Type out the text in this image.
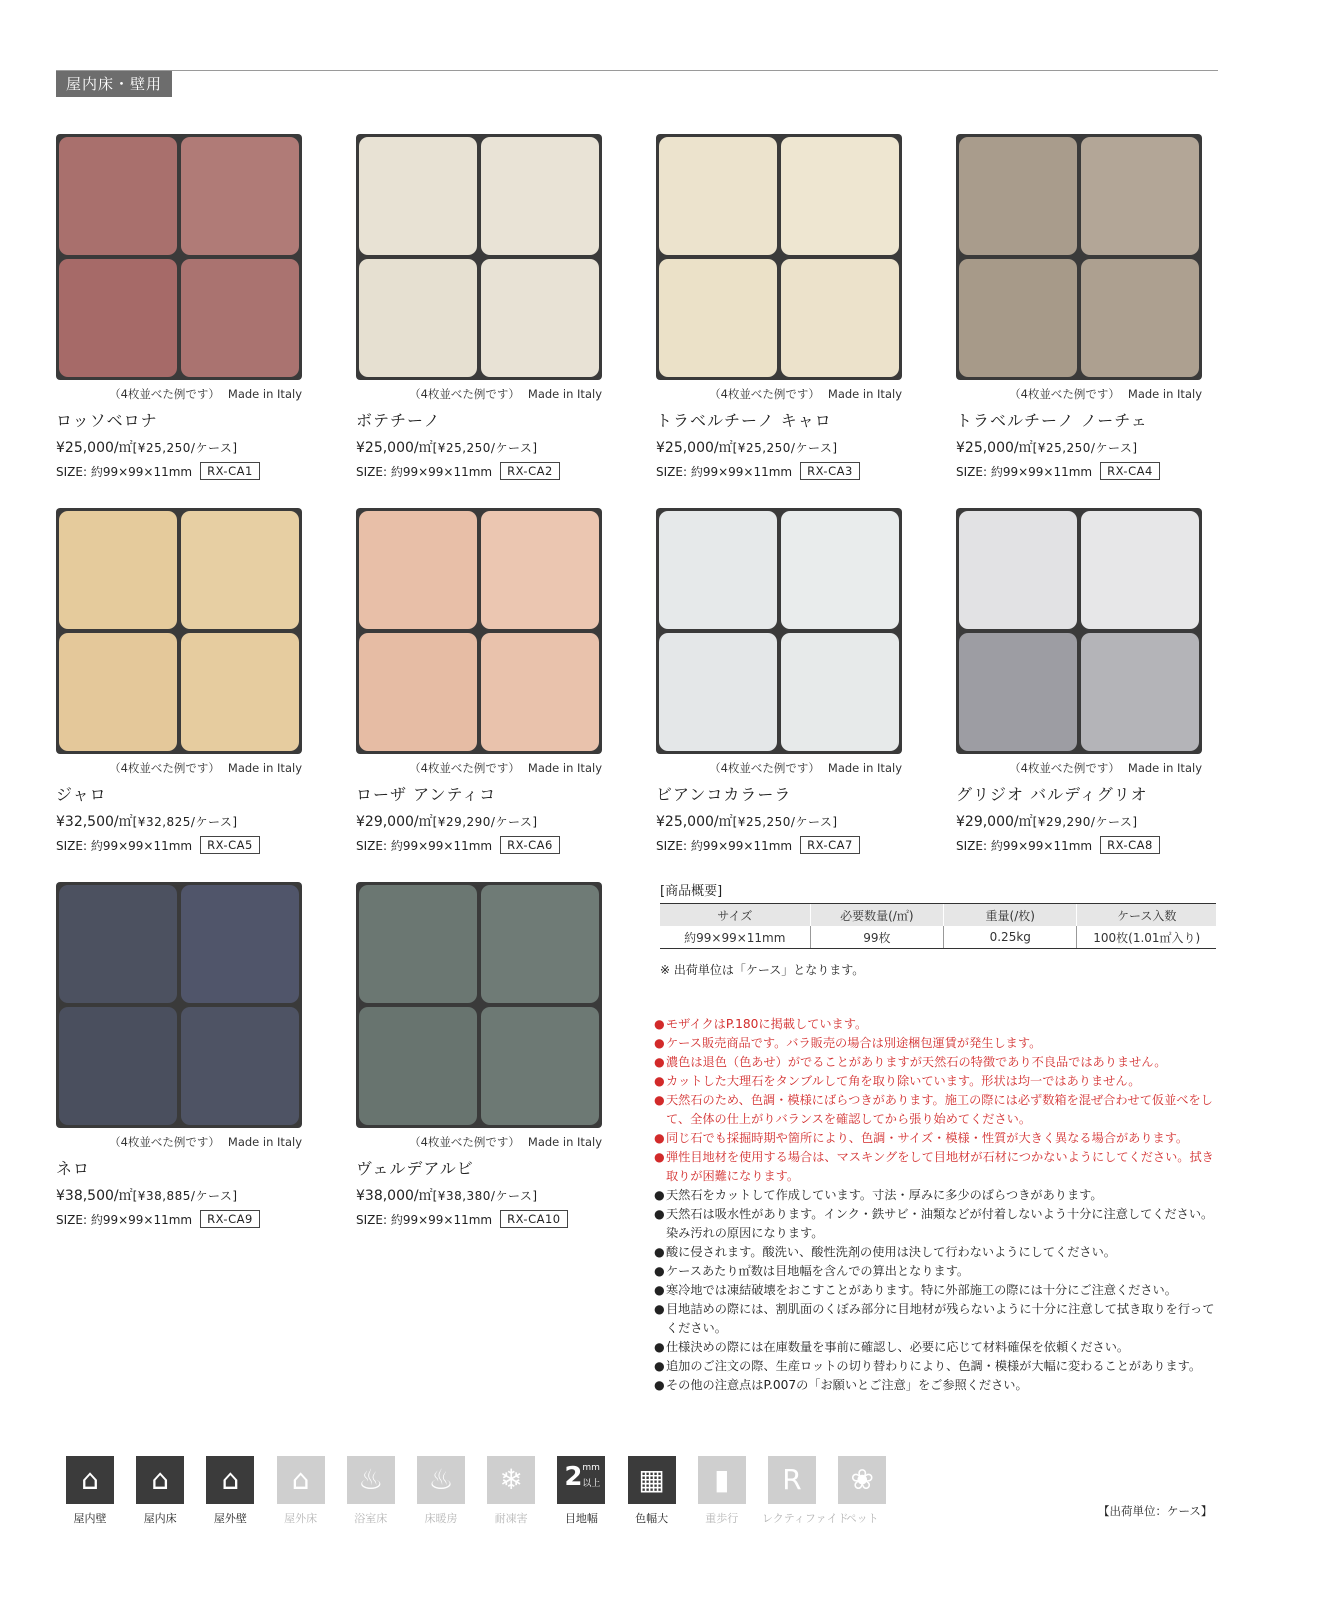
屋内床・壁用
（4枚並べた例です） Made in Italy
ロッソベロナ
¥25,000/㎡[¥25,250/ケース]
SIZE: 約99×99×11mm	RX-CA1
（4枚並べた例です） Made in Italy
ボテチーノ
¥25,000/㎡[¥25,250/ケース]
SIZE: 約99×99×11mm	RX-CA2
（4枚並べた例です） Made in Italy
トラベルチーノ キャロ
¥25,000/㎡[¥25,250/ケース]
SIZE: 約99×99×11mm	RX-CA3
（4枚並べた例です） Made in Italy
トラベルチーノ ノーチェ
¥25,000/㎡[¥25,250/ケース]
SIZE: 約99×99×11mm	RX-CA4
（4枚並べた例です） Made in Italy
ジャロ
¥32,500/㎡[¥32,825/ケース]
SIZE: 約99×99×11mm	RX-CA5
（4枚並べた例です） Made in Italy
ローザ アンティコ
¥29,000/㎡[¥29,290/ケース]
SIZE: 約99×99×11mm	RX-CA6
（4枚並べた例です） Made in Italy
ビアンコカラーラ
¥25,000/㎡[¥25,250/ケース]
SIZE: 約99×99×11mm	RX-CA7
（4枚並べた例です） Made in Italy
グリジオ バルディグリオ
¥29,000/㎡[¥29,290/ケース]
SIZE: 約99×99×11mm	RX-CA8
（4枚並べた例です） Made in Italy
ネロ
¥38,500/㎡[¥38,885/ケース]
SIZE: 約99×99×11mm	RX-CA9
（4枚並べた例です） Made in Italy
ヴェルデアルビ
¥38,000/㎡[¥38,380/ケース]
SIZE: 約99×99×11mm	RX-CA10
[商品概要]
サイズ	必要数量(/㎡)	重量(/枚)	ケース入数
約99×99×11mm	99枚	0.25kg	100枚(1.01㎡入り)
※ 出荷単位は「ケース」となります。
● モザイクはP.180に掲載しています。
● ケース販売商品です。バラ販売の場合は別途梱包運賃が発生します。
● 濃色は退色（色あせ）がでることがありますが天然石の特徴であり不良品ではありません。
● カットした大理石をタンブルして角を取り除いています。形状は均一ではありません。
● 天然石のため、色調・模様にばらつきがあります。施工の際には必ず数箱を混ぜ合わせて仮並べをして、全体の仕上がりバランスを確認してから張り始めてください。
● 同じ石でも採掘時期や箇所により、色調・サイズ・模様・性質が大きく異なる場合があります。
● 弾性目地材を使用する場合は、マスキングをして目地材が石材につかないようにしてください。拭き取りが困難になります。
● 天然石をカットして作成しています。寸法・厚みに多少のばらつきがあります。
● 天然石は吸水性があります。インク・鉄サビ・油類などが付着しないよう十分に注意してください。染み汚れの原因になります。
● 酸に侵されます。酸洗い、酸性洗剤の使用は決して行わないようにしてください。
● ケースあたり㎡数は目地幅を含んでの算出となります。
● 寒冷地では凍結破壊をおこすことがあります。特に外部施工の際には十分にご注意ください。
● 目地詰めの際には、割肌面のくぼみ部分に目地材が残らないように十分に注意して拭き取りを行ってください。
● 仕様決めの際には在庫数量を事前に確認し、必要に応じて材料確保を依頼ください。
● 追加のご注文の際、生産ロットの切り替わりにより、色調・模様が大幅に変わることがあります。
● その他の注意点はP.007の「お願いとご注意」をご参照ください。
⌂
屋内壁
⌂
屋内床
⌂
屋外壁
⌂
屋外床
♨
浴室床
♨
床暖房
❄
耐凍害
2 mm
以上
目地幅
▦
色幅大
▮
重歩行
R
レクティファイド
❀
ペット
【出荷単位：ケース】
